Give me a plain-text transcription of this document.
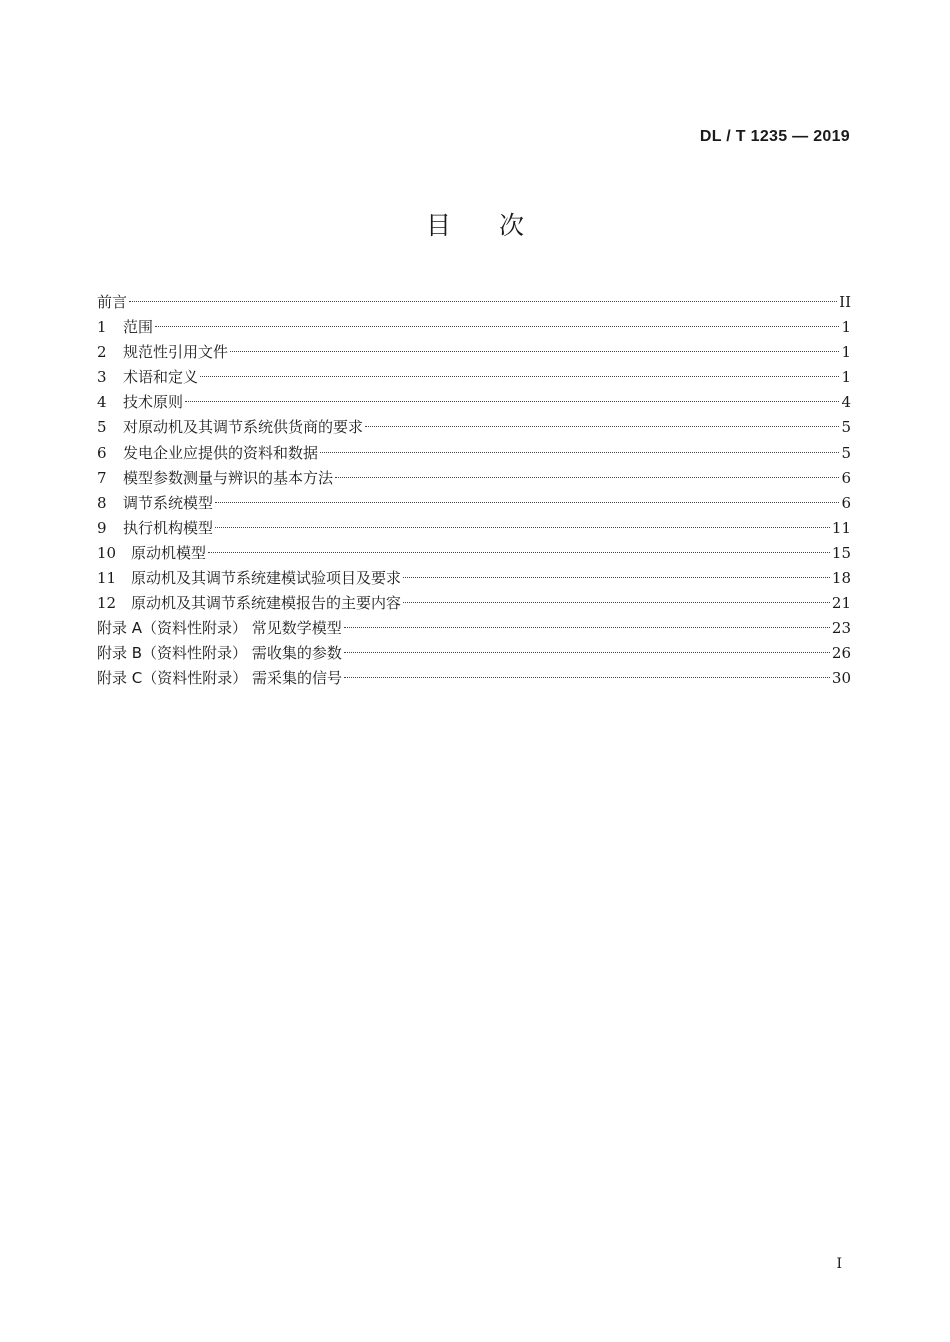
DL / T 1235 — 2019
目 次
前言	II
1	范围	1
2	规范性引用文件	1
3	术语和定义	1
4	技术原则	4
5	对原动机及其调节系统供货商的要求	5
6	发电企业应提供的资料和数据	5
7	模型参数测量与辨识的基本方法	6
8	调节系统模型	6
9	执行机构模型	11
10 原动机模型	15
11 原动机及其调节系统建模试验项目及要求	18
12 原动机及其调节系统建模报告的主要内容	21
附录 A（资料性附录） 常见数学模型	23
附录 B（资料性附录） 需收集的参数	26
附录 C（资料性附录） 需采集的信号	30
I
